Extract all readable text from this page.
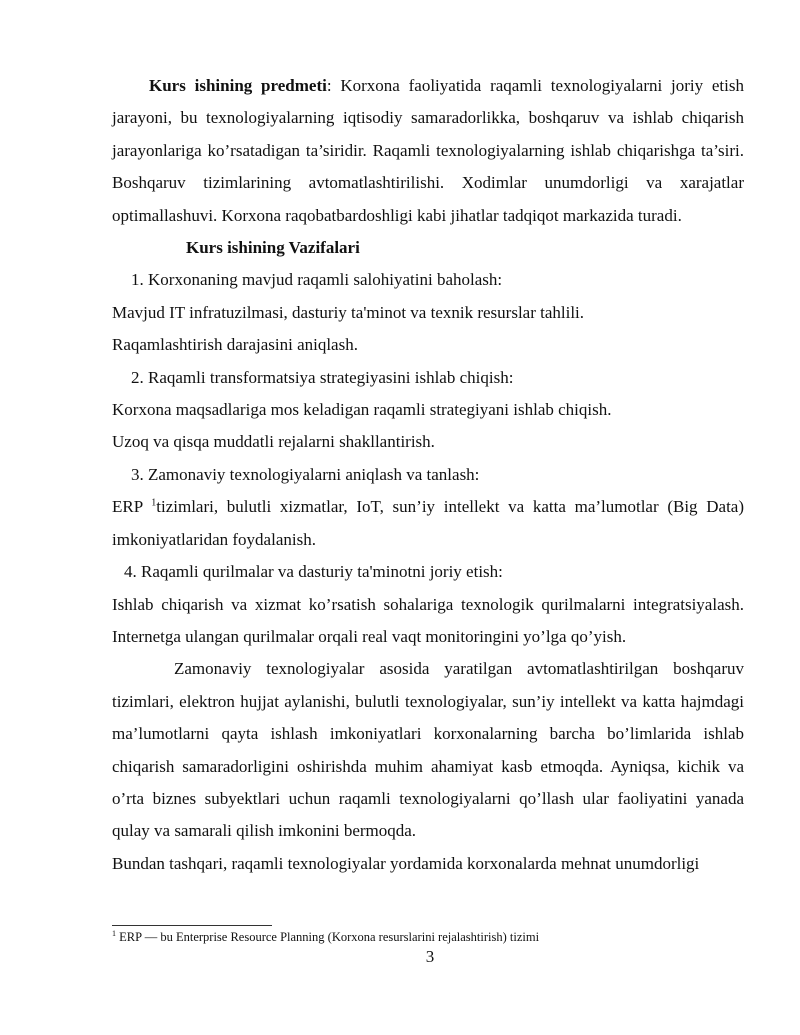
Kurs ishining predmeti: Korxona faoliyatida raqamli texnologiyalarni joriy etish jarayoni, bu texnologiyalarning iqtisodiy samaradorlikka, boshqaruv va ishlab chiqarish jarayonlariga ko’rsatadigan ta’siridir. Raqamli texnologiyalarning ishlab chiqarishga ta’siri. Boshqaruv tizimlarining avtomatlashtirilishi. Xodimlar unumdorligi va xarajatlar optimallashuvi. Korxona raqobatbardoshligi kabi jihatlar tadqiqot markazida turadi.

Kurs ishining Vazifalari

1. Korxonaning mavjud raqamli salohiyatini baholash:

Mavjud IT infratuzilmasi, dasturiy ta'minot va texnik resurslar tahlili.

Raqamlashtirish darajasini aniqlash.

2. Raqamli transformatsiya strategiyasini ishlab chiqish:

Korxona maqsadlariga mos keladigan raqamli strategiyani ishlab chiqish.

Uzoq va qisqa muddatli rejalarni shakllantirish.

3. Zamonaviy texnologiyalarni aniqlash va tanlash:

ERP $^1$tizimlari, bulutli xizmatlar, IoT, sun’iy intellekt va katta ma’lumotlar (Big Data) imkoniyatlaridan foydalanish.

4. Raqamli qurilmalar va dasturiy ta'minotni joriy etish:

Ishlab chiqarish va xizmat ko’rsatish sohalariga texnologik qurilmalarni integratsiyalash. Internetga ulangan qurilmalar orqali real vaqt monitoringini yo’lga qo’yish.

Zamonaviy texnologiyalar asosida yaratilgan avtomatlashtirilgan boshqaruv tizimlari, elektron hujjat aylanishi, bulutli texnologiyalar, sun’iy intellekt va katta hajmdagi ma’lumotlarni qayta ishlash imkoniyatlari korxonalarning barcha bo’limlarida ishlab chiqarish samaradorligini oshirishda muhim ahamiyat kasb etmoqda. Ayniqsa, kichik va o’rta biznes subyektlari uchun raqamli texnologiyalarni qo’llash ular faoliyatini yanada qulay va samarali qilish imkonini bermoqda.

Bundan tashqari, raqamli texnologiyalar yordamida korxonalarda mehnat unumdorligi

$^1$ ERP — bu Enterprise Resource Planning (Korxona resurslarini rejalashtirish) tizimi
3
